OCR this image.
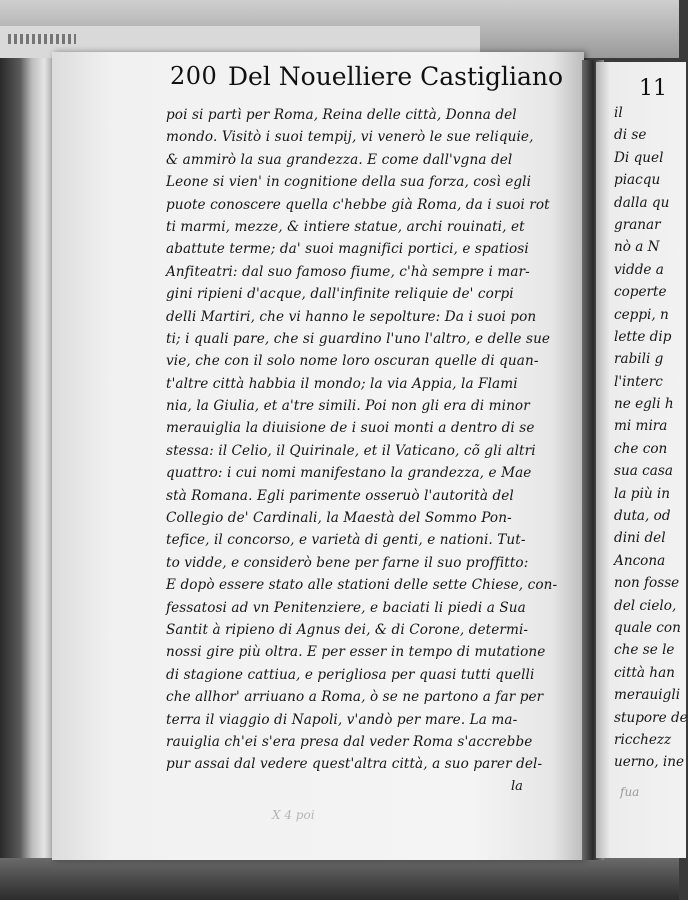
200 Del Nouelliere Castigliano
poi si partì per Roma, Reina delle città, Donna del
mondo. Visitò i suoi tempij, vi venerò le sue reliquie,
& ammirò la sua grandezza. E come dall'vgna del
Leone si vien' in cognitione della sua forza, così egli
puote conoscere quella c'hebbe già Roma, da i suoi rot
ti marmi, mezze, & intiere statue, archi rouinati, et
abattute terme; da' suoi magnifici portici, e spatiosi
Anfiteatri: dal suo famoso fiume, c'hà sempre i mar-
gini ripieni d'acque, dall'infinite reliquie de' corpi
delli Martiri, che vi hanno le sepolture: Da i suoi pon
ti; i quali pare, che si guardino l'uno l'altro, e delle sue
vie, che con il solo nome loro oscuran quelle di quan-
t'altre città habbia il mondo; la via Appia, la Flami
nia, la Giulia, et a'tre simili. Poi non gli era di minor
merauiglia la diuisione de i suoi monti a dentro di se
stessa: il Celio, il Quirinale, et il Vaticano, cõ gli altri
quattro: i cui nomi manifestano la grandezza, e Mae
stà Romana. Egli parimente osseruò l'autorità del
Collegio de' Cardinali, la Maestà del Sommo Pon-
tefice, il concorso, e varietà di genti, e nationi. Tut-
to vidde, e considerò bene per farne il suo proffitto:
E dopò essere stato alle stationi delle sette Chiese, con-
fessatosi ad vn Penitenziere, e baciati li piedi a Sua
Santit à ripieno di Agnus dei, & di Corone, determi-
nossi gire più oltra. E per esser in tempo di mutatione
di stagione cattiua, e perigliosa per quasi tutti quelli
che allhor' arriuano a Roma, ò se ne partono a far per
terra il viaggio di Napoli, v'andò per mare. La ma-
rauiglia ch'ei s'era presa dal veder Roma s'accrebbe
pur assai dal vedere quest'altra città, a suo parer del-
la
X 4 poi
11
il
di se
Di quel
piacqu
dalla qu
granar
nò a N
vidde a
coperte
ceppi, n
lette dip
rabili g
l'interc
ne egli h
mi mira
che con
sua casa
la più in
duta, od
dini del
Ancona
non fosse
del cielo,
quale con
che se le
città han
merauigli
stupore de
ricchezz
uerno, ine
fua
